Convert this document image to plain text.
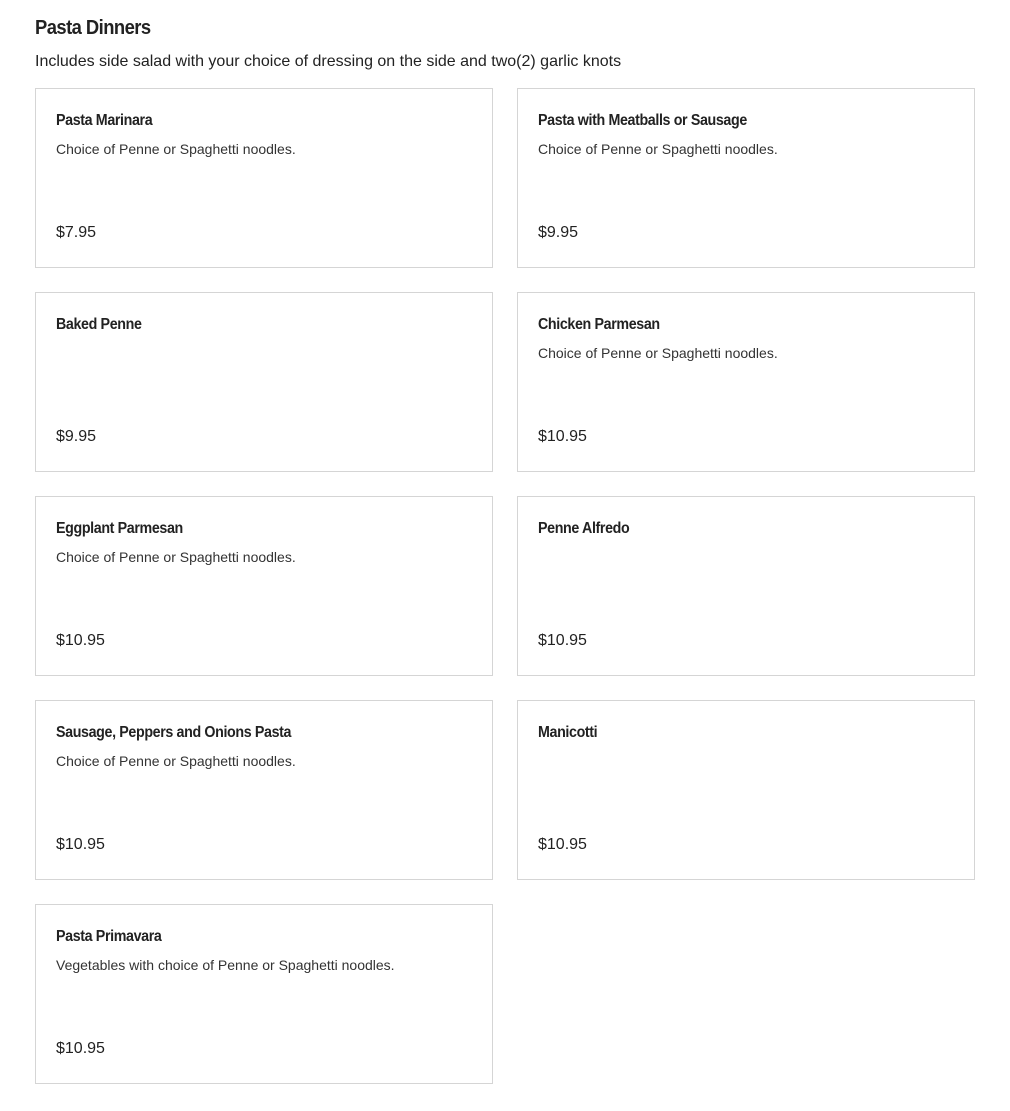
Pasta Dinners

Includes side salad with your choice of dressing on the side and two(2) garlic knots

Pasta Marinara
Choice of Penne or Spaghetti noodles.
$7.95
Pasta with Meatballs or Sausage
Choice of Penne or Spaghetti noodles.
$9.95
Baked Penne
$9.95
Chicken Parmesan
Choice of Penne or Spaghetti noodles.
$10.95
Eggplant Parmesan
Choice of Penne or Spaghetti noodles.
$10.95
Penne Alfredo
$10.95
Sausage, Peppers and Onions Pasta
Choice of Penne or Spaghetti noodles.
$10.95
Manicotti
$10.95
Pasta Primavara
Vegetables with choice of Penne or Spaghetti noodles.
$10.95
